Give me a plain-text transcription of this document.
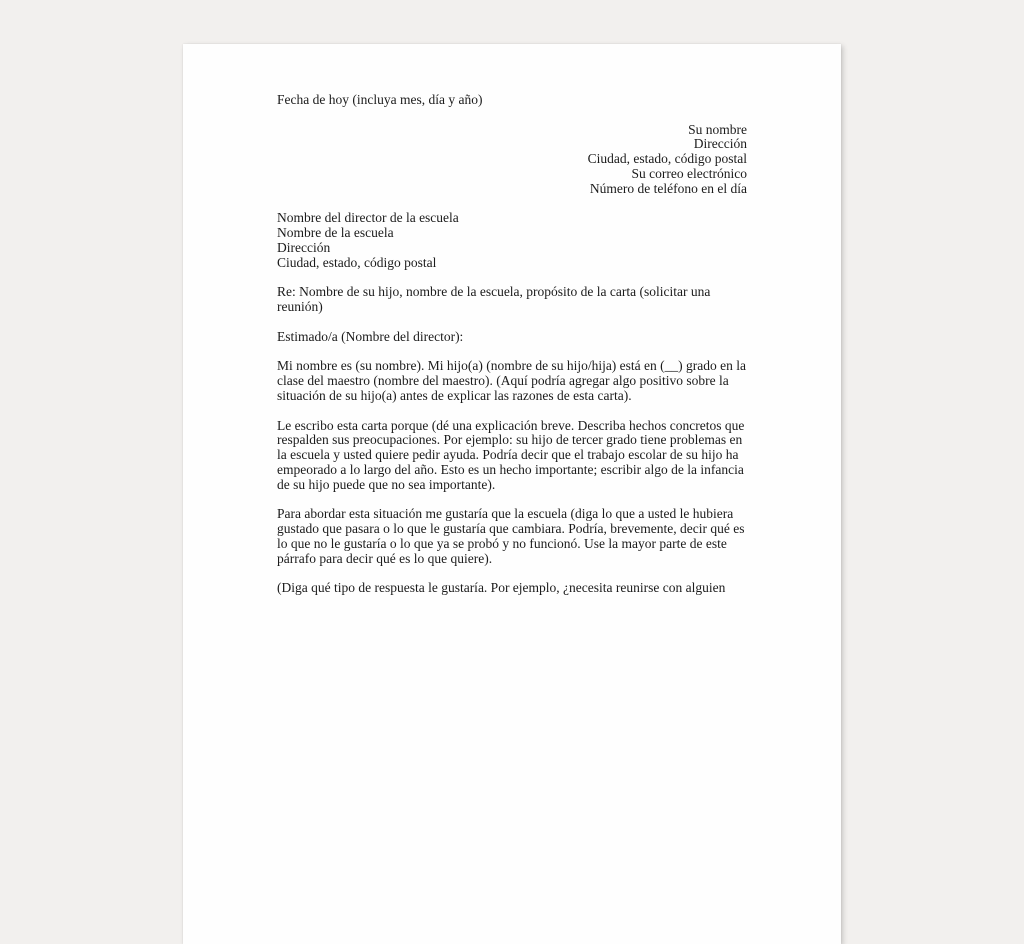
Fecha de hoy (incluya mes, día y año)

Su nombre
Dirección
Ciudad, estado, código postal
Su correo electrónico
Número de teléfono en el día
Nombre del director de la escuela
Nombre de la escuela
Dirección
Ciudad, estado, código postal

Re: Nombre de su hijo, nombre de la escuela, propósito de la carta (solicitar una reunión)

Estimado/a (Nombre del director):

Mi nombre es (su nombre). Mi hijo(a) (nombre de su hijo/hija) está en (__) grado en la clase del maestro (nombre del maestro). (Aquí podría agregar algo positivo sobre la situación de su hijo(a) antes de explicar las razones de esta carta).

Le escribo esta carta porque (dé una explicación breve. Describa hechos concretos que respalden sus preocupaciones. Por ejemplo: su hijo de tercer grado tiene problemas en la escuela y usted quiere pedir ayuda. Podría decir que el trabajo escolar de su hijo ha empeorado a lo largo del año. Esto es un hecho importante; escribir algo de la infancia de su hijo puede que no sea importante).

Para abordar esta situación me gustaría que la escuela (diga lo que a usted le hubiera gustado que pasara o lo que le gustaría que cambiara. Podría, brevemente, decir qué es lo que no le gustaría o lo que ya se probó y no funcionó. Use la mayor parte de este párrafo para decir qué es lo que quiere).

(Diga qué tipo de respuesta le gustaría. Por ejemplo, ¿necesita reunirse con alguien
